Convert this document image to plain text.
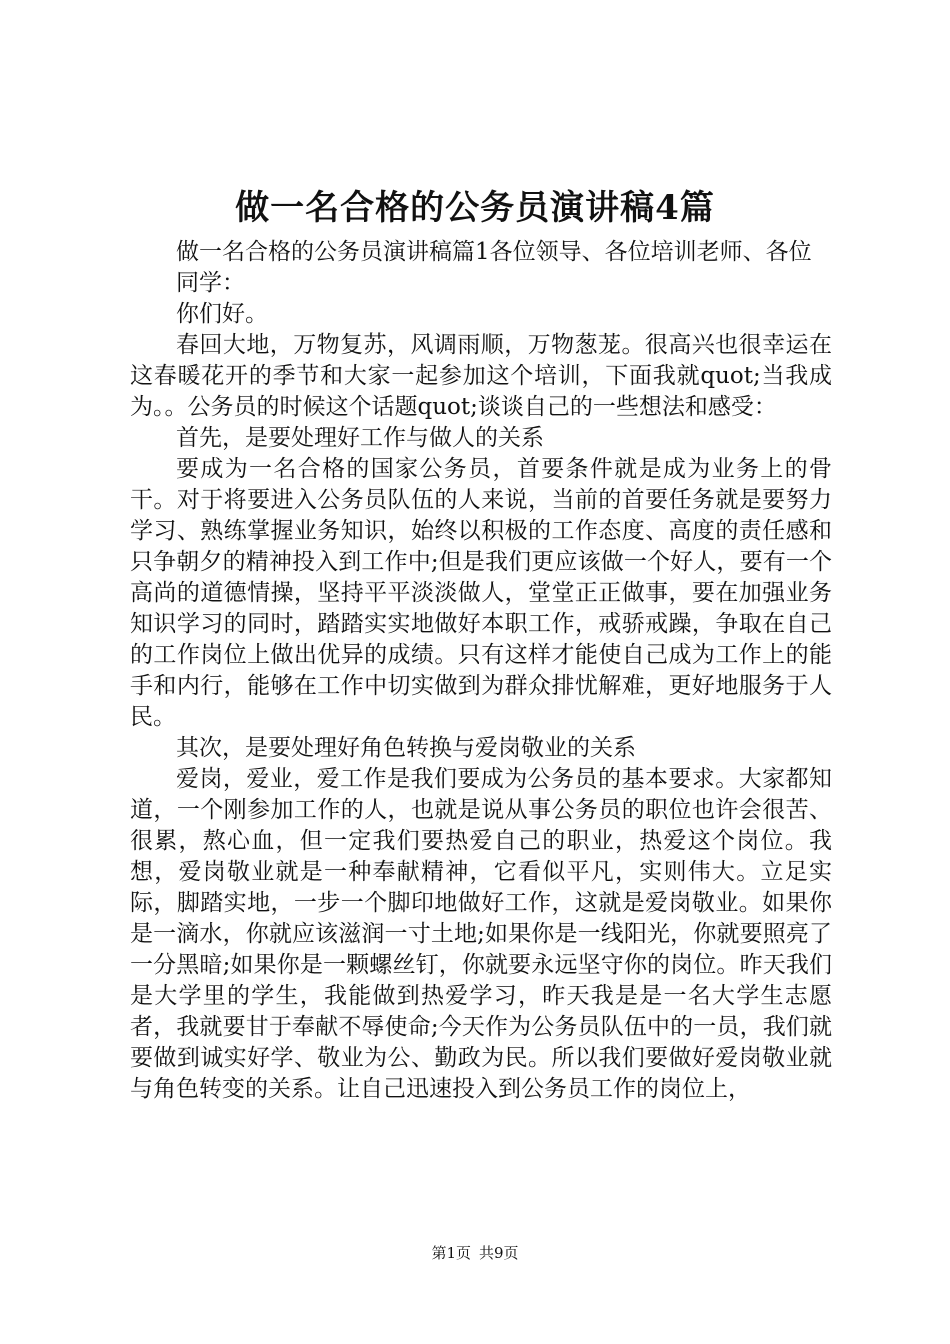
做一名合格的公务员演讲稿4篇

做一名合格的公务员演讲稿篇1各位领导、各位培训老师、各位

同学：

你们好。

春回大地，万物复苏，风调雨顺，万物葱茏。很高兴也很幸运在这春暖花开的季节和大家一起参加这个培训，下面我就quot;当我成为。。公务员的时候这个话题quot;谈谈自己的一些想法和感受：

首先，是要处理好工作与做人的关系

要成为一名合格的国家公务员，首要条件就是成为业务上的骨干。对于将要进入公务员队伍的人来说，当前的首要任务就是要努力学习、熟练掌握业务知识，始终以积极的工作态度、高度的责任感和只争朝夕的精神投入到工作中;但是我们更应该做一个好人，要有一个高尚的道德情操，坚持平平淡淡做人，堂堂正正做事，要在加强业务知识学习的同时，踏踏实实地做好本职工作，戒骄戒躁，争取在自己的工作岗位上做出优异的成绩。只有这样才能使自己成为工作上的能手和内行，能够在工作中切实做到为群众排忧解难，更好地服务于人民。

其次，是要处理好角色转换与爱岗敬业的关系

爱岗，爱业，爱工作是我们要成为公务员的基本要求。大家都知道，一个刚参加工作的人，也就是说从事公务员的职位也许会很苦、很累，熬心血，但一定我们要热爱自己的职业，热爱这个岗位。我想，爱岗敬业就是一种奉献精神，它看似平凡，实则伟大。立足实际，脚踏实地，一步一个脚印地做好工作，这就是爱岗敬业。如果你是一滴水，你就应该滋润一寸土地;如果你是一线阳光，你就要照亮了一分黑暗;如果你是一颗螺丝钉，你就要永远坚守你的岗位。昨天我们是大学里的学生，我能做到热爱学习，昨天我是是一名大学生志愿者，我就要甘于奉献不辱使命;今天作为公务员队伍中的一员，我们就要做到诚实好学、敬业为公、勤政为民。所以我们要做好爱岗敬业就与角色转变的关系。让自己迅速投入到公务员工作的岗位上，

第1页 共9页
